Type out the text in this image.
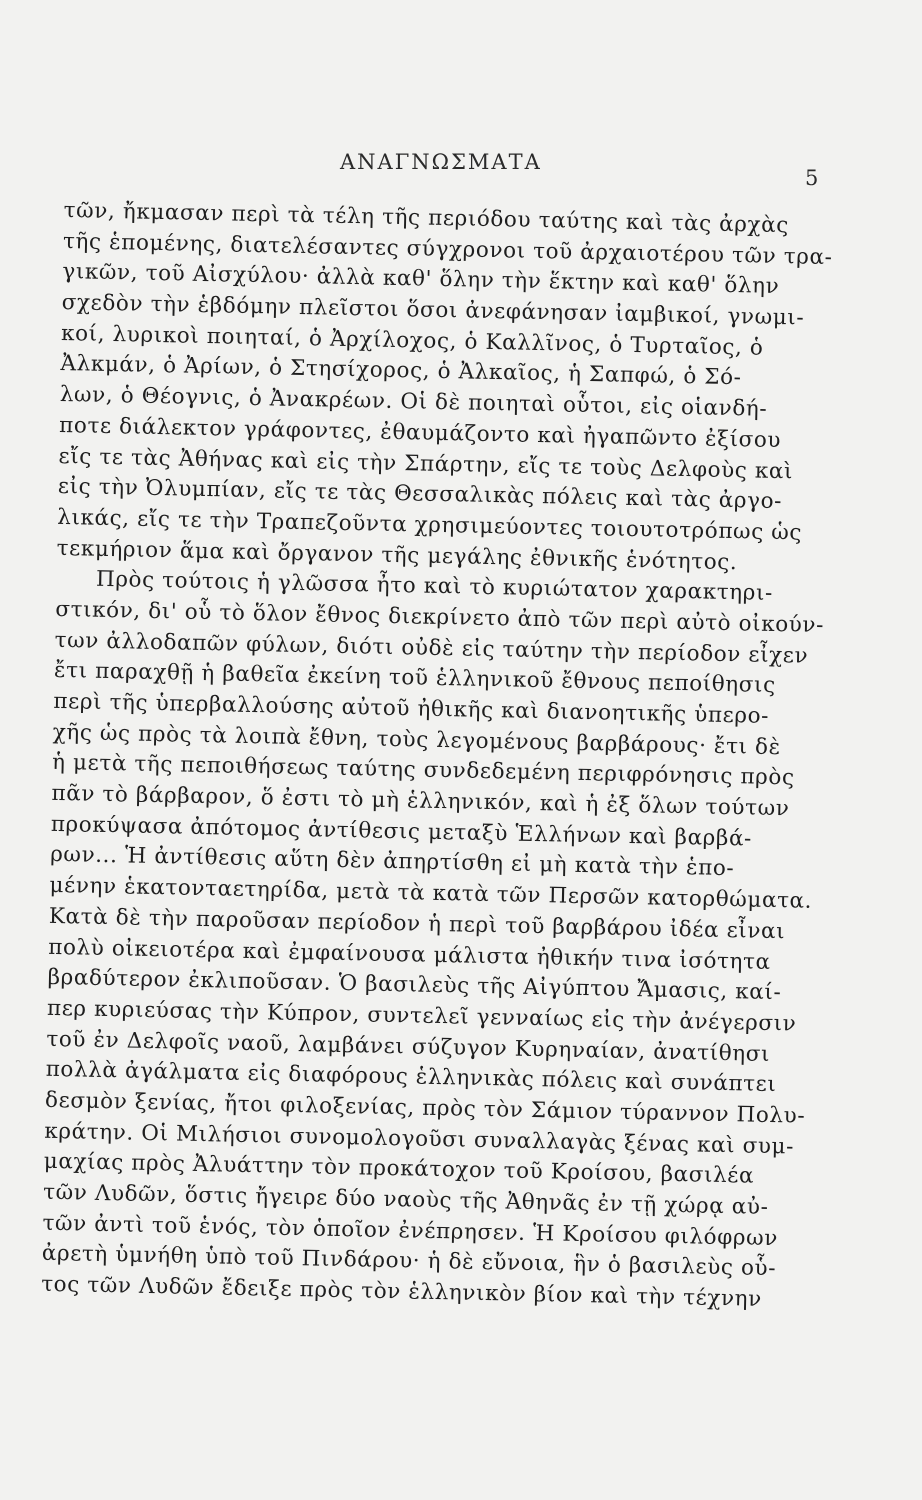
ΑΝΑΓΝΩΣΜΑΤΑ
5
τῶν, ἤκμασαν περὶ τὰ τέλη τῆς περιόδου ταύτης καὶ τὰς ἀρχὰς
τῆς ἑπομένης, διατελέσαντες σύγχρονοι τοῦ ἀρχαιοτέρου τῶν τρα-
γικῶν, τοῦ Αἰσχύλου· ἀλλὰ καθ' ὅλην τὴν ἕκτην καὶ καθ' ὅλην
σχεδὸν τὴν ἑβδόμην πλεῖστοι ὅσοι ἀνεφάνησαν ἰαμβικοί, γνωμι-
κοί, λυρικοὶ ποιηταί, ὁ Ἀρχίλοχος, ὁ Καλλῖνος, ὁ Τυρταῖος, ὁ
Ἀλκμάν, ὁ Ἀρίων, ὁ Στησίχορος, ὁ Ἀλκαῖος, ἡ Σαπφώ, ὁ Σό-
λων, ὁ Θέογνις, ὁ Ἀνακρέων. Οἱ δὲ ποιηταὶ οὗτοι, εἰς οἱανδή-
ποτε διάλεκτον γράφοντες, ἐθαυμάζοντο καὶ ἠγαπῶντο ἐξίσου
εἴς τε τὰς Ἀθήνας καὶ εἰς τὴν Σπάρτην, εἴς τε τοὺς Δελφοὺς καὶ
εἰς τὴν Ὀλυμπίαν, εἴς τε τὰς Θεσσαλικὰς πόλεις καὶ τὰς ἀργο-
λικάς, εἴς τε τὴν Τραπεζοῦντα χρησιμεύοντες τοιουτοτρόπως ὡς
τεκμήριον ἅμα καὶ ὄργανον τῆς μεγάλης ἐθνικῆς ἑνότητος.
Πρὸς τούτοις ἡ γλῶσσα ἦτο καὶ τὸ κυριώτατον χαρακτηρι-
στικόν, δι' οὗ τὸ ὅλον ἔθνος διεκρίνετο ἀπὸ τῶν περὶ αὐτὸ οἰκούν-
των ἀλλοδαπῶν φύλων, διότι οὐδὲ εἰς ταύτην τὴν περίοδον εἶχεν
ἔτι παραχθῇ ἡ βαθεῖα ἐκείνη τοῦ ἑλληνικοῦ ἔθνους πεποίθησις
περὶ τῆς ὑπερβαλλούσης αὐτοῦ ἠθικῆς καὶ διανοητικῆς ὑπερο-
χῆς ὡς πρὸς τὰ λοιπὰ ἔθνη, τοὺς λεγομένους βαρβάρους· ἔτι δὲ
ἡ μετὰ τῆς πεποιθήσεως ταύτης συνδεδεμένη περιφρόνησις πρὸς
πᾶν τὸ βάρβαρον, ὅ ἐστι τὸ μὴ ἑλληνικόν, καὶ ἡ ἐξ ὅλων τούτων
προκύψασα ἀπότομος ἀντίθεσις μεταξὺ Ἑλλήνων καὶ βαρβά-
ρων... Ἡ ἀντίθεσις αὕτη δὲν ἀπηρτίσθη εἰ μὴ κατὰ τὴν ἑπο-
μένην ἑκατονταετηρίδα, μετὰ τὰ κατὰ τῶν Περσῶν κατορθώματα.
Κατὰ δὲ τὴν παροῦσαν περίοδον ἡ περὶ τοῦ βαρβάρου ἰδέα εἶναι
πολὺ οἰκειοτέρα καὶ ἐμφαίνουσα μάλιστα ἠθικήν τινα ἰσότητα
βραδύτερον ἐκλιποῦσαν. Ὁ βασιλεὺς τῆς Αἰγύπτου Ἄμασις, καί-
περ κυριεύσας τὴν Κύπρον, συντελεῖ γενναίως εἰς τὴν ἀνέγερσιν
τοῦ ἐν Δελφοῖς ναοῦ, λαμβάνει σύζυγον Κυρηναίαν, ἀνατίθησι
πολλὰ ἀγάλματα εἰς διαφόρους ἑλληνικὰς πόλεις καὶ συνάπτει
δεσμὸν ξενίας, ἤτοι φιλοξενίας, πρὸς τὸν Σάμιον τύραννον Πολυ-
κράτην. Οἱ Μιλήσιοι συνομολογοῦσι συναλλαγὰς ξένας καὶ συμ-
μαχίας πρὸς Ἀλυάττην τὸν προκάτοχον τοῦ Κροίσου, βασιλέα
τῶν Λυδῶν, ὅστις ἤγειρε δύο ναοὺς τῆς Ἀθηνᾶς ἐν τῇ χώρᾳ αὐ-
τῶν ἀντὶ τοῦ ἑνός, τὸν ὁποῖον ἐνέπρησεν. Ἡ Κροίσου φιλόφρων
ἀρετὴ ὑμνήθη ὑπὸ τοῦ Πινδάρου· ἡ δὲ εὔνοια, ἣν ὁ βασιλεὺς οὗ-
τος τῶν Λυδῶν ἔδειξε πρὸς τὸν ἑλληνικὸν βίον καὶ τὴν τέχνην
